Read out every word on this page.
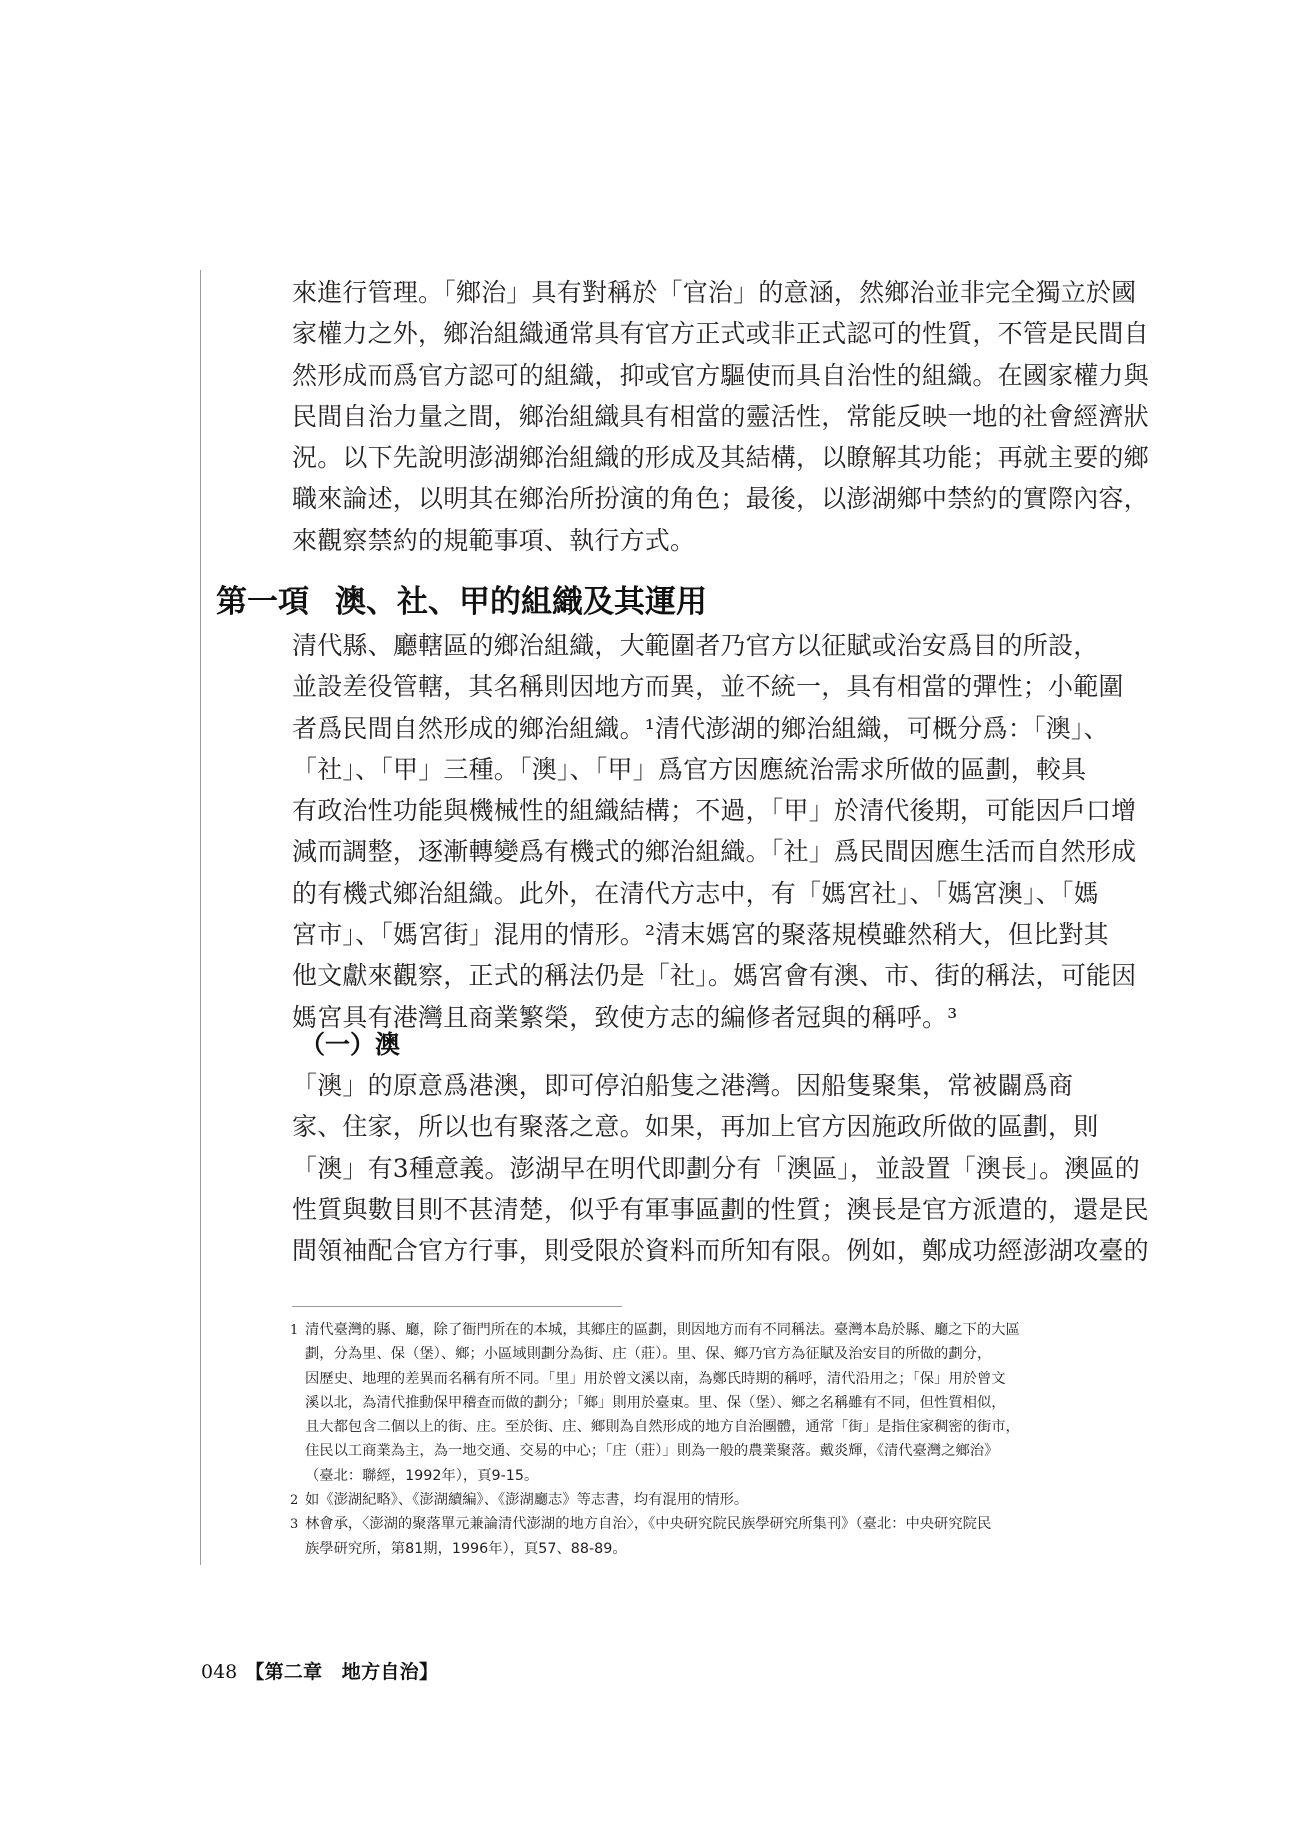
來進行管理。「鄉治」具有對稱於「官治」的意涵，然鄉治並非完全獨立於國
家權力之外，鄉治組織通常具有官方正式或非正式認可的性質，不管是民間自
然形成而爲官方認可的組織，抑或官方驅使而具自治性的組織。在國家權力與
民間自治力量之間，鄉治組織具有相當的靈活性，常能反映一地的社會經濟狀
況。以下先說明澎湖鄉治組織的形成及其結構，以瞭解其功能；再就主要的鄉
職來論述，以明其在鄉治所扮演的角色；最後，以澎湖鄉中禁約的實際內容，
來觀察禁約的規範事項、執行方式。
第一項 澳、社、甲的組織及其運用
清代縣、廳轄區的鄉治組織，大範圍者乃官方以征賦或治安爲目的所設，
並設差役管轄，其名稱則因地方而異，並不統一，具有相當的彈性；小範圍
者爲民間自然形成的鄉治組織。¹清代澎湖的鄉治組織，可概分爲：「澳」、
「社」、「甲」三種。「澳」、「甲」爲官方因應統治需求所做的區劃，較具
有政治性功能與機械性的組織結構；不過，「甲」於清代後期，可能因戶口增
減而調整，逐漸轉變爲有機式的鄉治組織。「社」爲民間因應生活而自然形成
的有機式鄉治組織。此外，在清代方志中，有「媽宮社」、「媽宮澳」、「媽
宮市」、「媽宮街」混用的情形。²清末媽宮的聚落規模雖然稍大，但比對其
他文獻來觀察，正式的稱法仍是「社」。媽宮會有澳、市、街的稱法，可能因
媽宮具有港灣且商業繁榮，致使方志的編修者冠與的稱呼。³
（一）澳
「澳」的原意爲港澳，即可停泊船隻之港灣。因船隻聚集，常被闢爲商
家、住家，所以也有聚落之意。如果，再加上官方因施政所做的區劃，則
「澳」有3種意義。澎湖早在明代即劃分有「澳區」，並設置「澳長」。澳區的
性質與數目則不甚清楚，似乎有軍事區劃的性質；澳長是官方派遣的，還是民
間領袖配合官方行事，則受限於資料而所知有限。例如，鄭成功經澎湖攻臺的
1 清代臺灣的縣、廳，除了衙門所在的本城，其鄉庄的區劃，則因地方而有不同稱法。臺灣本島於縣、廳之下的大區
劃，分為里、保（堡）、鄉；小區域則劃分為街、庄（莊）。里、保、鄉乃官方為征賦及治安目的所做的劃分，
因歷史、地理的差異而名稱有所不同。「里」用於曾文溪以南，為鄭氏時期的稱呼，清代沿用之；「保」用於曾文
溪以北，為清代推動保甲稽查而做的劃分；「鄉」則用於臺東。里、保（堡）、鄉之名稱雖有不同，但性質相似，
且大都包含二個以上的街、庄。至於街、庄、鄉則為自然形成的地方自治團體，通常「街」是指住家稠密的街市，
住民以工商業為主，為一地交通、交易的中心；「庄（莊）」則為一般的農業聚落。戴炎輝，《清代臺灣之鄉治》
（臺北：聯經，1992年），頁9-15。
2 如《澎湖紀略》、《澎湖續編》、《澎湖廳志》等志書，均有混用的情形。
3 林會承，〈澎湖的聚落單元兼論清代澎湖的地方自治〉，《中央研究院民族學研究所集刊》（臺北：中央研究院民
族學研究所，第81期，1996年），頁57、88-89。
048 【第二章　地方自治】
